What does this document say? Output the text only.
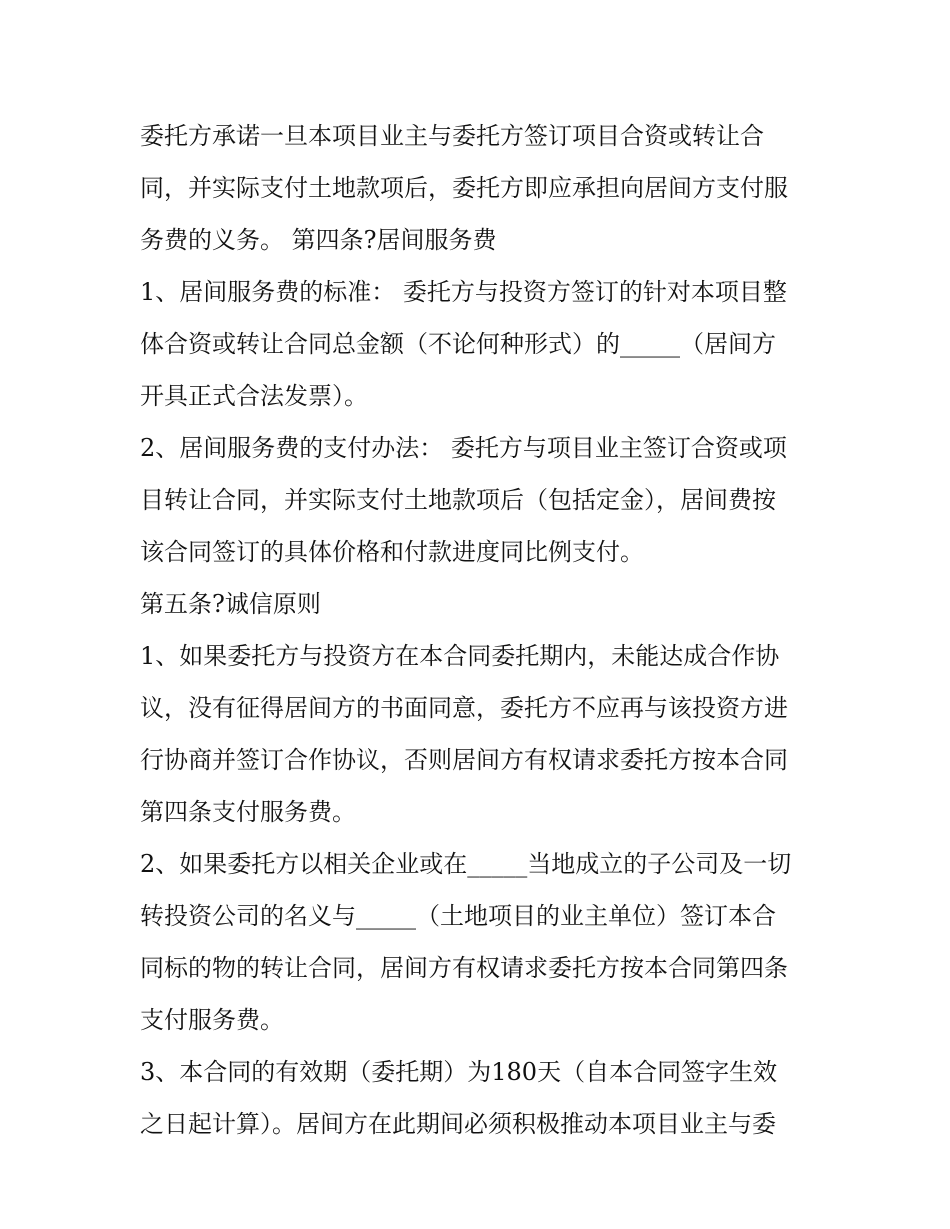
委托方承诺一旦本项目业主与委托方签订项目合资或转让合
同，并实际支付土地款项后，委托方即应承担向居间方支付服
务费的义务。 第四条?居间服务费
1、居间服务费的标准： 委托方与投资方签订的针对本项目整
体合资或转让合同总金额（不论何种形式）的_____（居间方
开具正式合法发票）。
2、居间服务费的支付办法： 委托方与项目业主签订合资或项
目转让合同，并实际支付土地款项后（包括定金），居间费按
该合同签订的具体价格和付款进度同比例支付。
第五条?诚信原则
1、如果委托方与投资方在本合同委托期内，未能达成合作协
议，没有征得居间方的书面同意，委托方不应再与该投资方进
行协商并签订合作协议，否则居间方有权请求委托方按本合同
第四条支付服务费。
2、如果委托方以相关企业或在_____当地成立的子公司及一切
转投资公司的名义与_____（土地项目的业主单位）签订本合
同标的物的转让合同，居间方有权请求委托方按本合同第四条
支付服务费。
3、本合同的有效期（委托期）为180天（自本合同签字生效
之日起计算）。居间方在此期间必须积极推动本项目业主与委
